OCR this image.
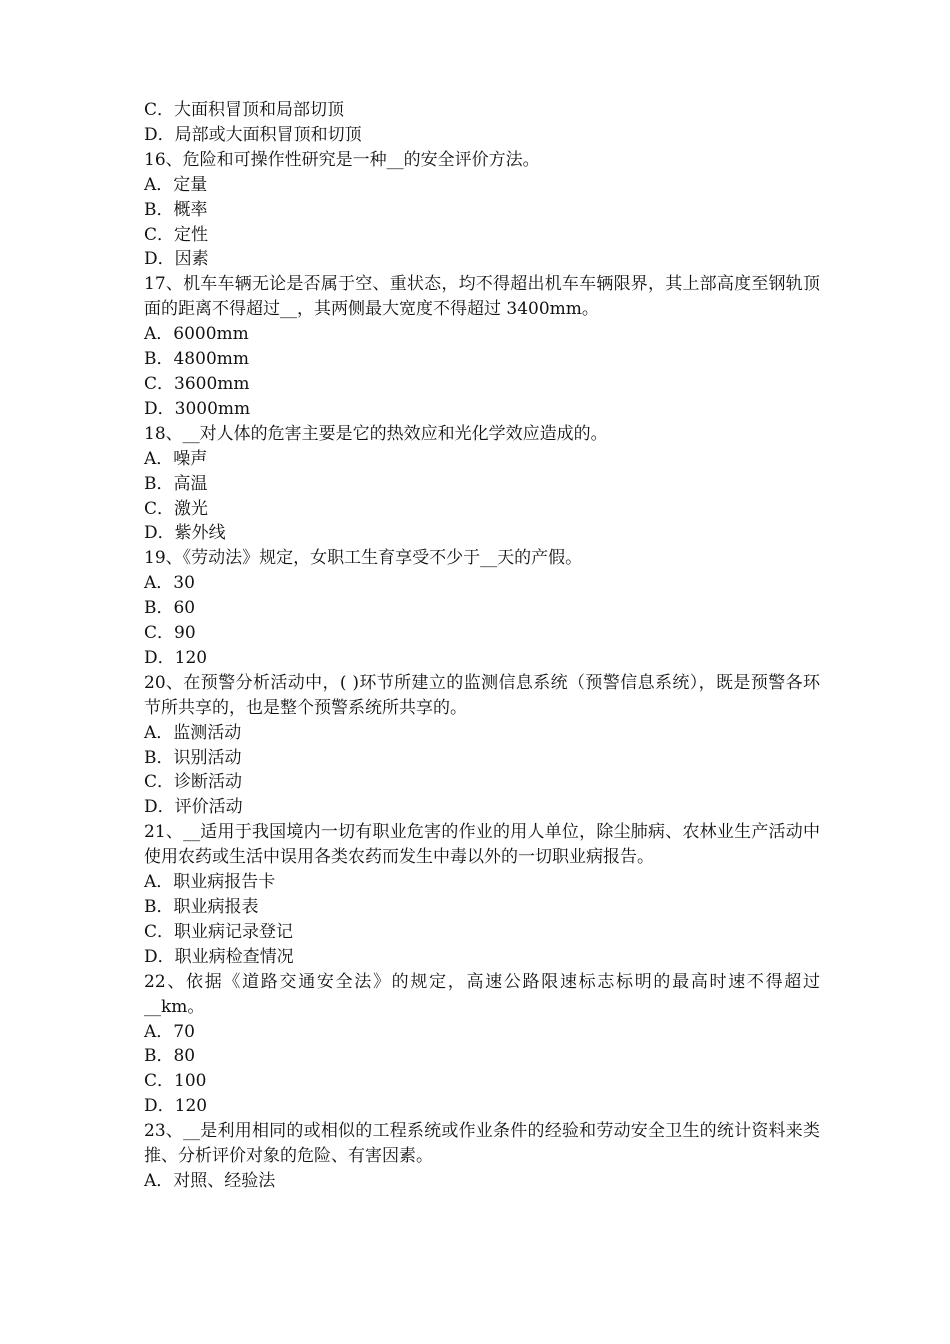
C．大面积冒顶和局部切顶

D．局部或大面积冒顶和切顶

16、危险和可操作性研究是一种__的安全评价方法。

A．定量

B．概率

C．定性

D．因素

17、机车车辆无论是否属于空、重状态，均不得超出机车车辆限界，其上部高度至钢轨顶面的距离不得超过__，其两侧最大宽度不得超过 3400mm。

A．6000mm

B．4800mm

C．3600mm

D．3000mm

18、__对人体的危害主要是它的热效应和光化学效应造成的。

A．噪声

B．高温

C．激光

D．紫外线

19、《劳动法》规定，女职工生育享受不少于__天的产假。

A．30

B．60

C．90

D．120

20、在预警分析活动中，( )环节所建立的监测信息系统（预警信息系统），既是预警各环节所共享的，也是整个预警系统所共享的。

A．监测活动

B．识别活动

C．诊断活动

D．评价活动

21、__适用于我国境内一切有职业危害的作业的用人单位，除尘肺病、农林业生产活动中使用农药或生活中误用各类农药而发生中毒以外的一切职业病报告。

A．职业病报告卡

B．职业病报表

C．职业病记录登记

D．职业病检查情况

22、依据《道路交通安全法》的规定，高速公路限速标志标明的最高时速不得超过__km。

A．70

B．80

C．100

D．120

23、__是利用相同的或相似的工程系统或作业条件的经验和劳动安全卫生的统计资料来类推、分析评价对象的危险、有害因素。

A．对照、经验法
